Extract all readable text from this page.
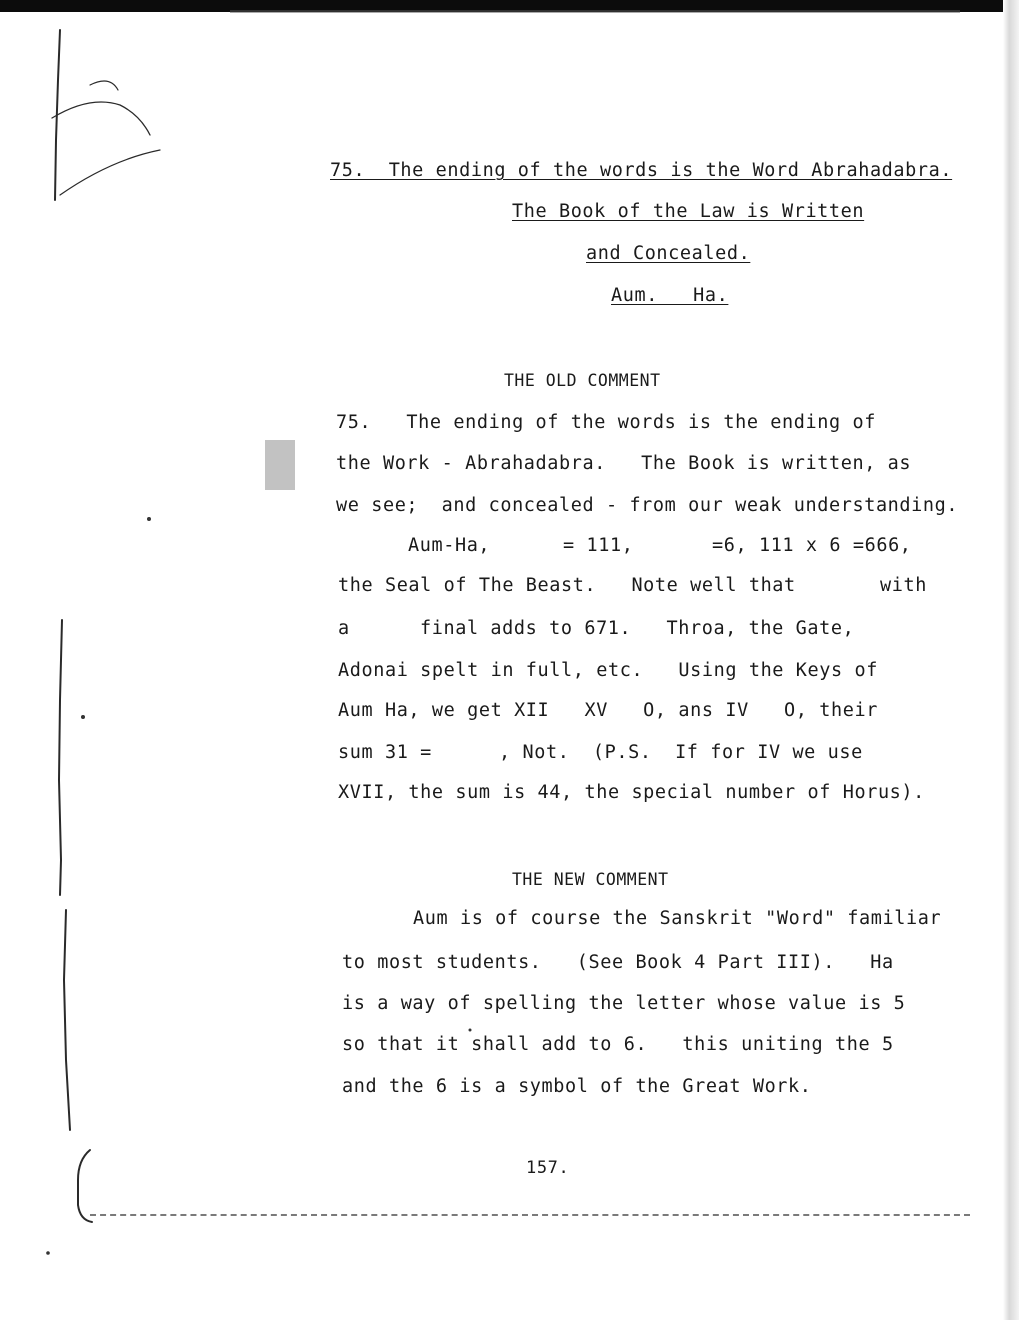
75.  The ending of the words is the Word Abrahadabra.
The Book of the Law is Written
and Concealed.
Aum.   Ha.
THE OLD COMMENT
75.   The ending of the words is the ending of
the Work - Abrahadabra.   The Book is written, as
we see;  and concealed - from our weak understanding.
Aum-Ha,	= 111,	=6, 111 x 6 =666,
the Seal of The Beast.   Note well that	with
a	final adds to 671.   Throa, the Gate,
Adonai spelt in full, etc.   Using the Keys of
Aum Ha, we get XII   XV   O, ans IV   O, their
sum 31 =	, Not.  (P.S.  If for IV we use
XVII, the sum is 44, the special number of Horus).
THE NEW COMMENT
Aum is of course the Sanskrit "Word" familiar
to most students.   (See Book 4 Part III).   Ha
is a way of spelling the letter whose value is 5
so that it shall add to 6.   this uniting the 5
and the 6 is a symbol of the Great Work.
157.
